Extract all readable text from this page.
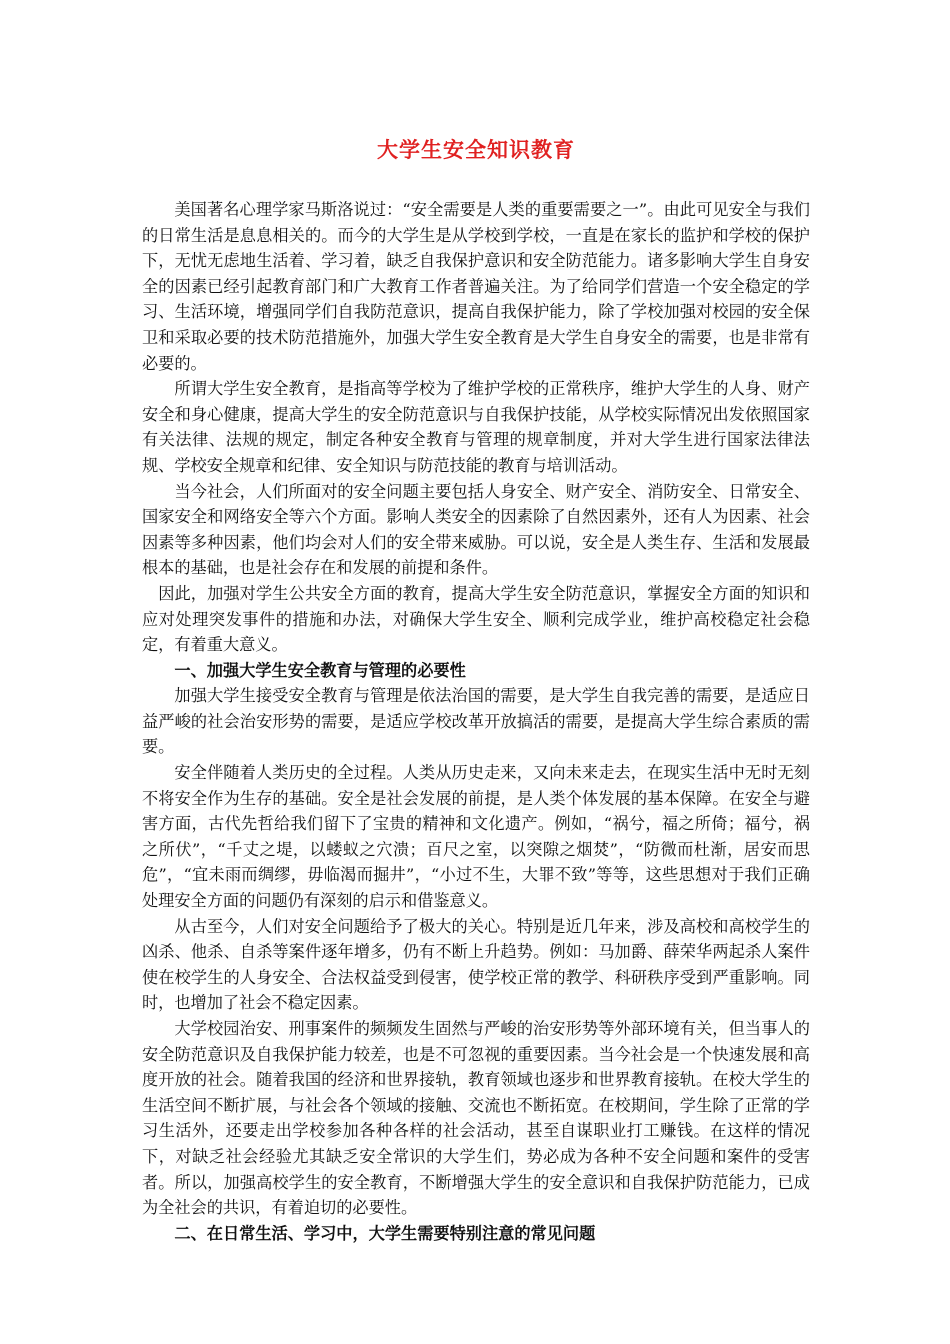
大学生安全知识教育

美国著名心理学家马斯洛说过：“安全需要是人类的重要需要之一”。由此可见安全与我们的日常生活是息息相关的。而今的大学生是从学校到学校，一直是在家长的监护和学校的保护下，无忧无虑地生活着、学习着，缺乏自我保护意识和安全防范能力。诸多影响大学生自身安全的因素已经引起教育部门和广大教育工作者普遍关注。为了给同学们营造一个安全稳定的学习、生活环境，增强同学们自我防范意识，提高自我保护能力，除了学校加强对校园的安全保卫和采取必要的技术防范措施外，加强大学生安全教育是大学生自身安全的需要，也是非常有必要的。

所谓大学生安全教育，是指高等学校为了维护学校的正常秩序，维护大学生的人身、财产安全和身心健康，提高大学生的安全防范意识与自我保护技能，从学校实际情况出发依照国家有关法律、法规的规定，制定各种安全教育与管理的规章制度，并对大学生进行国家法律法规、学校安全规章和纪律、安全知识与防范技能的教育与培训活动。

当今社会，人们所面对的安全问题主要包括人身安全、财产安全、消防安全、日常安全、国家安全和网络安全等六个方面。影响人类安全的因素除了自然因素外，还有人为因素、社会因素等多种因素，他们均会对人们的安全带来威胁。可以说，安全是人类生存、生活和发展最根本的基础，也是社会存在和发展的前提和条件。

因此，加强对学生公共安全方面的教育，提高大学生安全防范意识，掌握安全方面的知识和应对处理突发事件的措施和办法，对确保大学生安全、顺利完成学业，维护高校稳定社会稳定，有着重大意义。

一、加强大学生安全教育与管理的必要性

加强大学生接受安全教育与管理是依法治国的需要，是大学生自我完善的需要，是适应日益严峻的社会治安形势的需要，是适应学校改革开放搞活的需要，是提高大学生综合素质的需要。

安全伴随着人类历史的全过程。人类从历史走来，又向未来走去，在现实生活中无时无刻不将安全作为生存的基础。安全是社会发展的前提，是人类个体发展的基本保障。在安全与避害方面，古代先哲给我们留下了宝贵的精神和文化遗产。例如，“祸兮，福之所倚；福兮，祸之所伏”，“千丈之堤，以蝼蚁之穴溃；百尺之室，以突隙之烟焚”，“防微而杜渐，居安而思危”，“宜未雨而绸缪，毋临渴而掘井”，“小过不生，大罪不致”等等，这些思想对于我们正确处理安全方面的问题仍有深刻的启示和借鉴意义。

从古至今，人们对安全问题给予了极大的关心。特别是近几年来，涉及高校和高校学生的凶杀、他杀、自杀等案件逐年增多，仍有不断上升趋势。例如：马加爵、薛荣华两起杀人案件使在校学生的人身安全、合法权益受到侵害，使学校正常的教学、科研秩序受到严重影响。同时，也增加了社会不稳定因素。

大学校园治安、刑事案件的频频发生固然与严峻的治安形势等外部环境有关，但当事人的安全防范意识及自我保护能力较差，也是不可忽视的重要因素。当今社会是一个快速发展和高度开放的社会。随着我国的经济和世界接轨，教育领域也逐步和世界教育接轨。在校大学生的生活空间不断扩展，与社会各个领域的接触、交流也不断拓宽。在校期间，学生除了正常的学习生活外，还要走出学校参加各种各样的社会活动，甚至自谋职业打工赚钱。在这样的情况下，对缺乏社会经验尤其缺乏安全常识的大学生们，势必成为各种不安全问题和案件的受害者。所以，加强高校学生的安全教育，不断增强大学生的安全意识和自我保护防范能力，已成为全社会的共识，有着迫切的必要性。

二、在日常生活、学习中，大学生需要特别注意的常见问题
